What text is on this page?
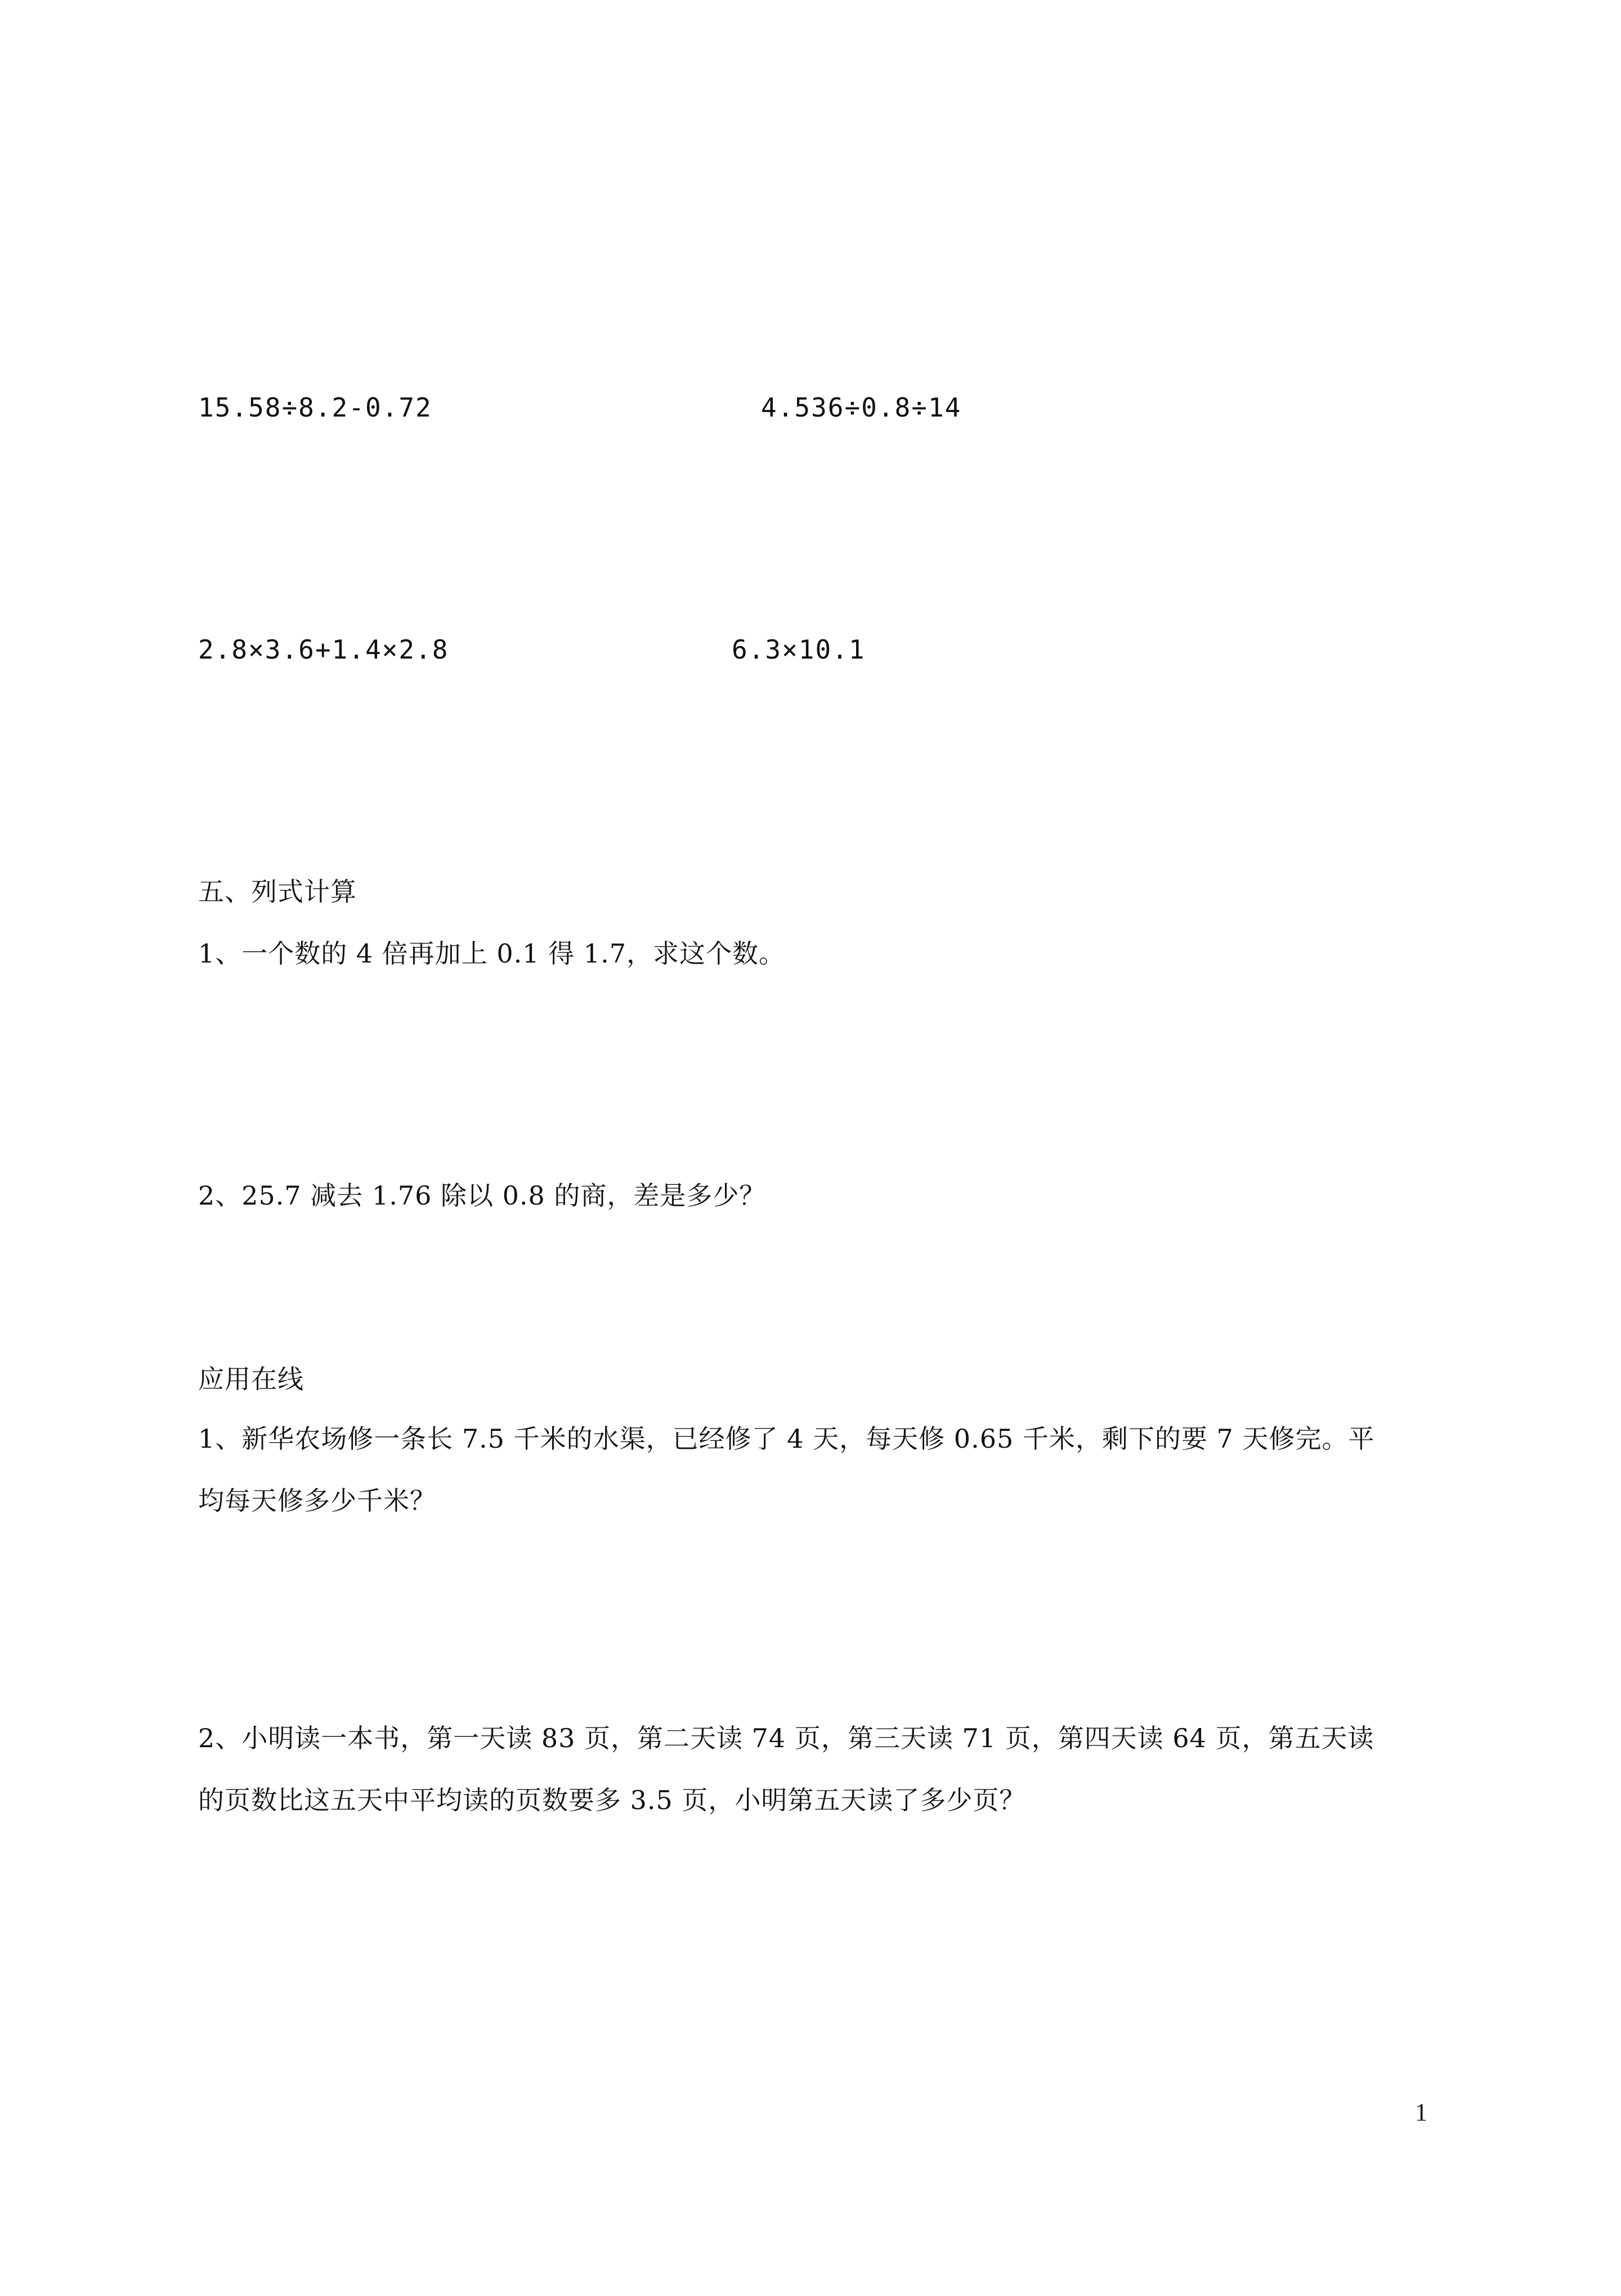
15.58÷8.2-0.72	4.536÷0.8÷14
2.8×3.6+1.4×2.8	6.3×10.1
五、列式计算
1、一个数的 4 倍再加上 0.1 得 1.7，求这个数。
2、25.7 减去 1.76 除以 0.8 的商，差是多少？
应用在线
1、新华农场修一条长 7.5 千米的水渠，已经修了 4 天，每天修 0.65 千米，剩下的要 7 天修完。平
均每天修多少千米？
2、小明读一本书，第一天读 83 页，第二天读 74 页，第三天读 71 页，第四天读 64 页，第五天读
的页数比这五天中平均读的页数要多 3.5 页，小明第五天读了多少页？
1
